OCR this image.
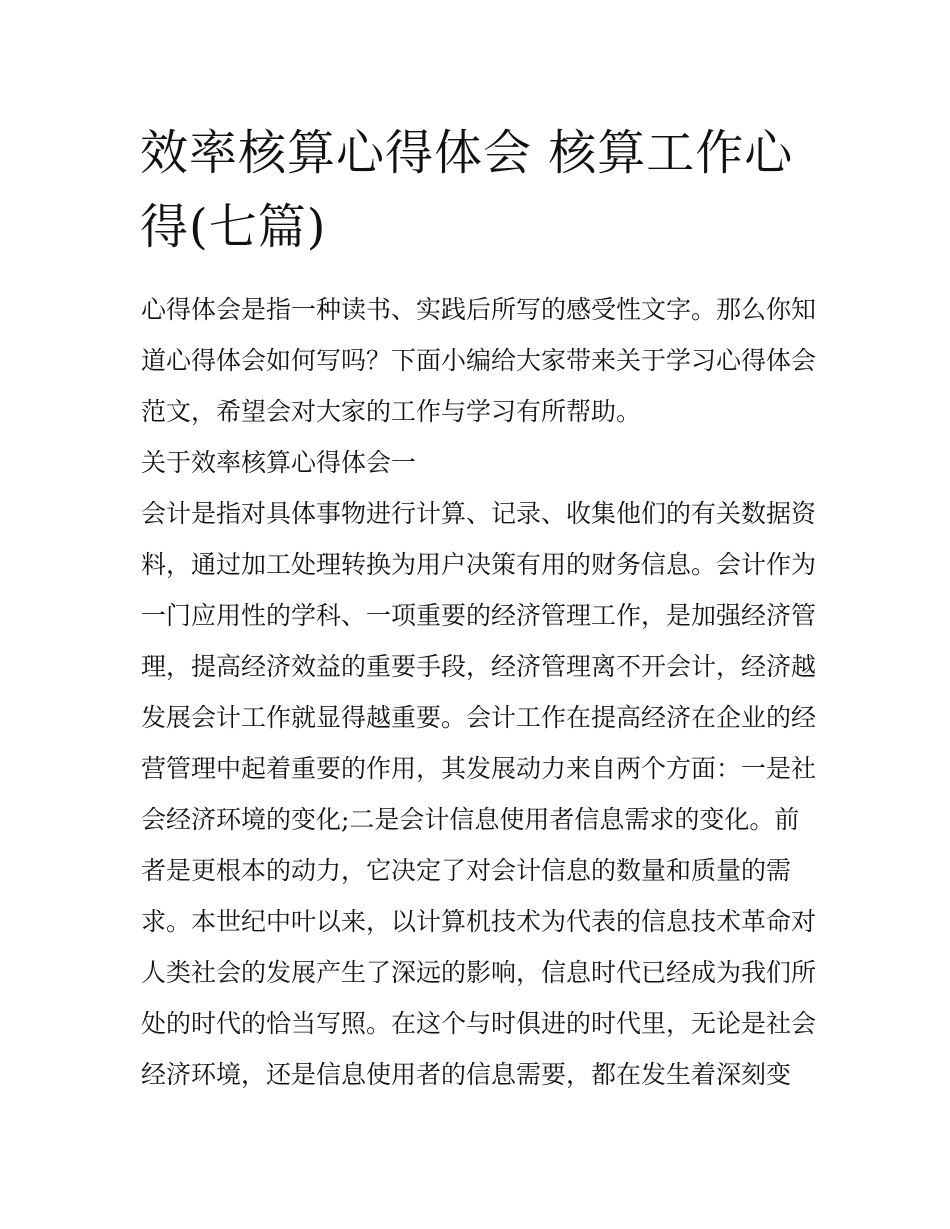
效率核算心得体会 核算工作心
得(七篇)
心得体会是指一种读书、实践后所写的感受性文字。那么你知
道心得体会如何写吗？下面小编给大家带来关于学习心得体会
范文，希望会对大家的工作与学习有所帮助。
关于效率核算心得体会一
会计是指对具体事物进行计算、记录、收集他们的有关数据资
料，通过加工处理转换为用户决策有用的财务信息。会计作为
一门应用性的学科、一项重要的经济管理工作，是加强经济管
理，提高经济效益的重要手段，经济管理离不开会计，经济越
发展会计工作就显得越重要。会计工作在提高经济在企业的经
营管理中起着重要的作用，其发展动力来自两个方面：一是社
会经济环境的变化;二是会计信息使用者信息需求的变化。前
者是更根本的动力，它决定了对会计信息的数量和质量的需
求。本世纪中叶以来，以计算机技术为代表的信息技术革命对
人类社会的发展产生了深远的影响，信息时代已经成为我们所
处的时代的恰当写照。在这个与时俱进的时代里，无论是社会
经济环境，还是信息使用者的信息需要，都在发生着深刻变
